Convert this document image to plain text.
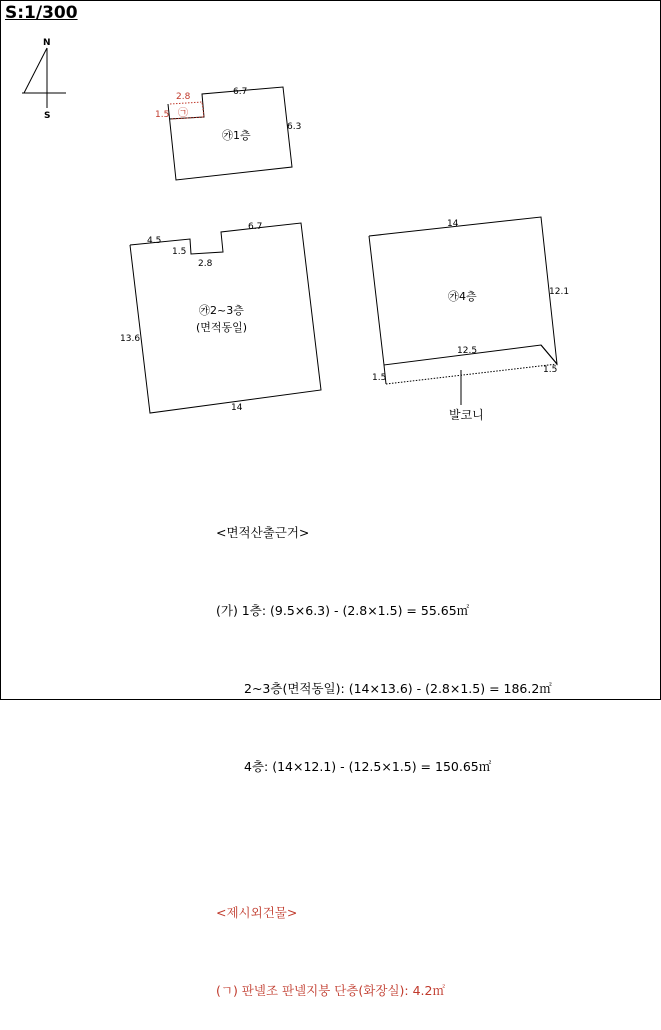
S:1/300
N
S
㉮1층
6.7
6.3
2.8
1.5 ㉠
㉮2~3층
(면적동일)
4.5
6.7
1.5
2.8
13.6
14
㉮4층
14
12.1
12.5
1.5
1.5
발코니

<면적산출근거>

(가) 1층: (9.5×6.3) - (2.8×1.5) = 55.65㎡

2~3층(면적동일): (14×13.6) - (2.8×1.5) = 186.2㎡

4층: (14×12.1) - (12.5×1.5) = 150.65㎡

<제시외건물>

(ㄱ) 판넬조 판넬지붕 단층(화장실): 4.2㎡
